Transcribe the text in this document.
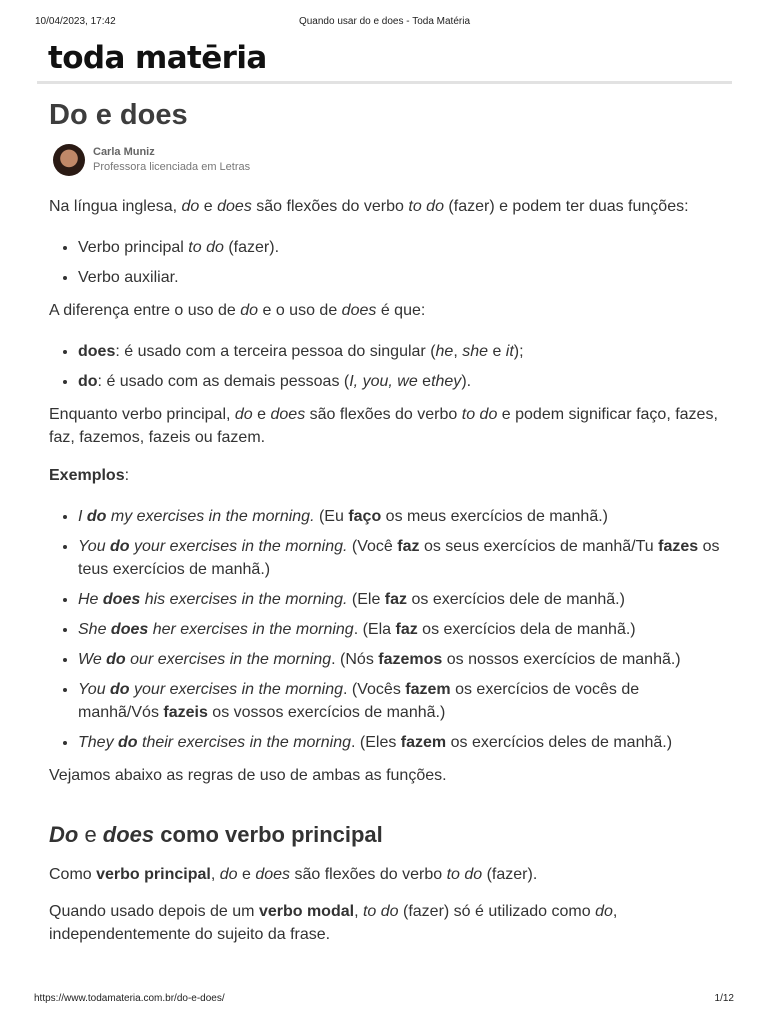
10/04/2023, 17:42	Quando usar do e does - Toda Matéria
toda matēria
Do e does
Carla Muniz
Professora licenciada em Letras

Na língua inglesa, do e does são flexões do verbo to do (fazer) e podem ter duas funções:

• Verbo principal to do (fazer).
• Verbo auxiliar.

A diferença entre o uso de do e o uso de does é que:

• does: é usado com a terceira pessoa do singular (he, she e it);
• do: é usado com as demais pessoas (I, you, we ethey).

Enquanto verbo principal, do e does são flexões do verbo to do e podem significar faço, fazes, faz, fazemos, fazeis ou fazem.

Exemplos:

• I do my exercises in the morning. (Eu faço os meus exercícios de manhã.)
• You do your exercises in the morning. (Você faz os seus exercícios de manhã/Tu fazes os teus exercícios de manhã.)
• He does his exercises in the morning. (Ele faz os exercícios dele de manhã.)
• She does her exercises in the morning. (Ela faz os exercícios dela de manhã.)
• We do our exercises in the morning. (Nós fazemos os nossos exercícios de manhã.)
• You do your exercises in the morning. (Vocês fazem os exercícios de vocês de manhã/Vós fazeis os vossos exercícios de manhã.)
• They do their exercises in the morning. (Eles fazem os exercícios deles de manhã.)

Vejamos abaixo as regras de uso de ambas as funções.

Do e does como verbo principal

Como verbo principal, do e does são flexões do verbo to do (fazer).

Quando usado depois de um verbo modal, to do (fazer) só é utilizado como do, independentemente do sujeito da frase.

https://www.todamateria.com.br/do-e-does/	1/12
